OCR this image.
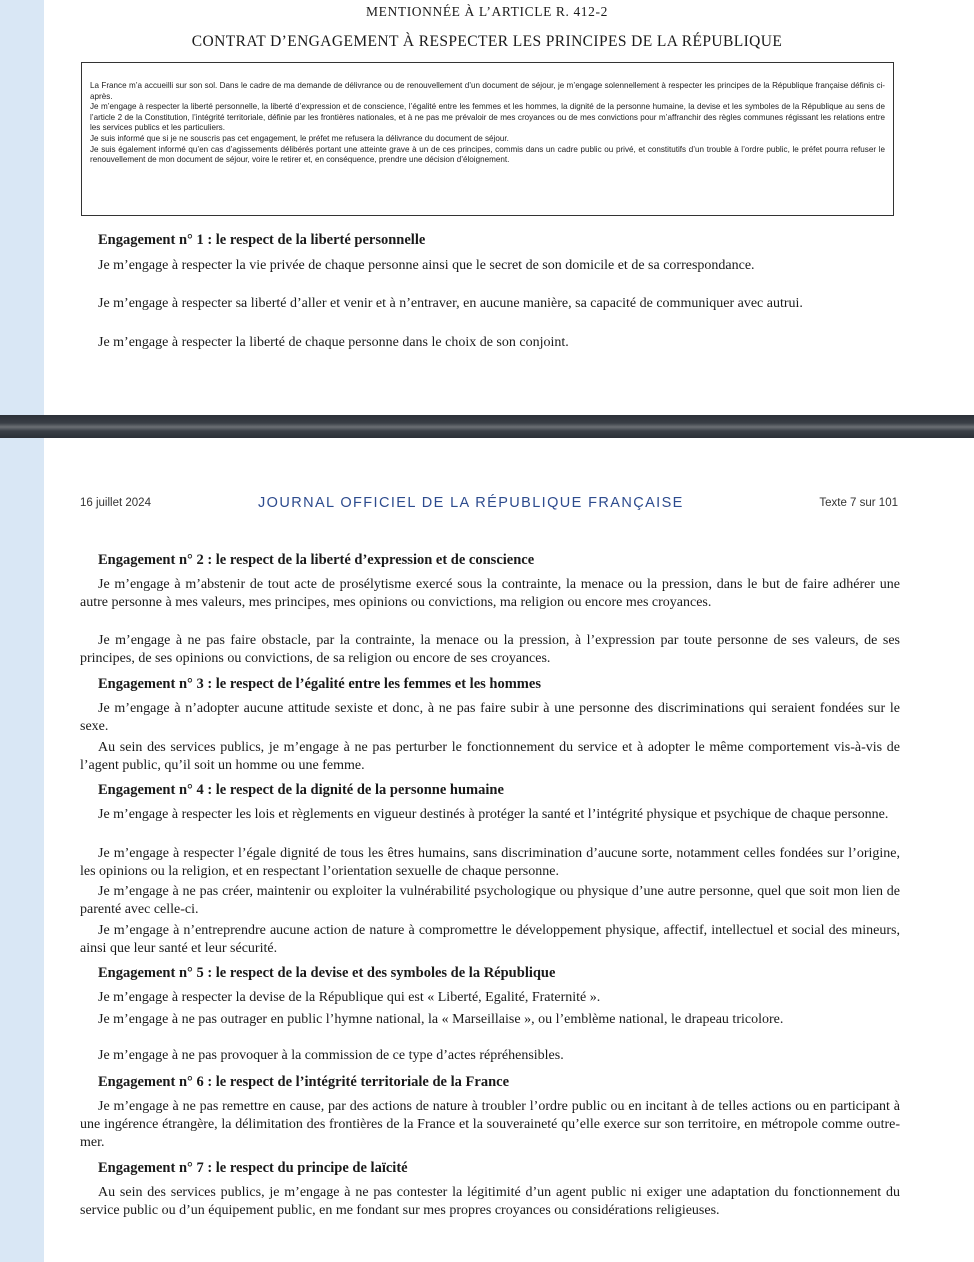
MENTIONNÉE À L’ARTICLE R. 412-2
CONTRAT D’ENGAGEMENT À RESPECTER LES PRINCIPES DE LA RÉPUBLIQUE

La France m’a accueilli sur son sol. Dans le cadre de ma demande de délivrance ou de renouvellement d’un document de séjour, je m’engage solennellement à respecter les principes de la République française définis ci-après.

Je m’engage à respecter la liberté personnelle, la liberté d’expression et de conscience, l’égalité entre les femmes et les hommes, la dignité de la personne humaine, la devise et les symboles de la République au sens de l’article 2 de la Constitution, l’intégrité territoriale, définie par les frontières nationales, et à ne pas me prévaloir de mes croyances ou de mes convictions pour m’affranchir des règles communes régissant les relations entre les services publics et les particuliers.

Je suis informé que si je ne souscris pas cet engagement, le préfet me refusera la délivrance du document de séjour.

Je suis également informé qu’en cas d’agissements délibérés portant une atteinte grave à un de ces principes, commis dans un cadre public ou privé, et constitutifs d’un trouble à l’ordre public, le préfet pourra refuser le renouvellement de mon document de séjour, voire le retirer et, en conséquence, prendre une décision d’éloignement.

Engagement n° 1 : le respect de la liberté personnelle
Je m’engage à respecter la vie privée de chaque personne ainsi que le secret de son domicile et de sa correspondance.
Je m’engage à respecter sa liberté d’aller et venir et à n’entraver, en aucune manière, sa capacité de communiquer avec autrui.
Je m’engage à respecter la liberté de chaque personne dans le choix de son conjoint.
16 juillet 2024	JOURNAL OFFICIEL DE LA RÉPUBLIQUE FRANÇAISE	Texte 7 sur 101
Engagement n° 2 : le respect de la liberté d’expression et de conscience
Je m’engage à m’abstenir de tout acte de prosélytisme exercé sous la contrainte, la menace ou la pression, dans le but de faire adhérer une autre personne à mes valeurs, mes principes, mes opinions ou convictions, ma religion ou encore mes croyances.
Je m’engage à ne pas faire obstacle, par la contrainte, la menace ou la pression, à l’expression par toute personne de ses valeurs, de ses principes, de ses opinions ou convictions, de sa religion ou encore de ses croyances.
Engagement n° 3 : le respect de l’égalité entre les femmes et les hommes
Je m’engage à n’adopter aucune attitude sexiste et donc, à ne pas faire subir à une personne des discriminations qui seraient fondées sur le sexe.
Au sein des services publics, je m’engage à ne pas perturber le fonctionnement du service et à adopter le même comportement vis-à-vis de l’agent public, qu’il soit un homme ou une femme.
Engagement n° 4 : le respect de la dignité de la personne humaine
Je m’engage à respecter les lois et règlements en vigueur destinés à protéger la santé et l’intégrité physique et psychique de chaque personne.
Je m’engage à respecter l’égale dignité de tous les êtres humains, sans discrimination d’aucune sorte, notamment celles fondées sur l’origine, les opinions ou la religion, et en respectant l’orientation sexuelle de chaque personne.
Je m’engage à ne pas créer, maintenir ou exploiter la vulnérabilité psychologique ou physique d’une autre personne, quel que soit mon lien de parenté avec celle-ci.
Je m’engage à n’entreprendre aucune action de nature à compromettre le développement physique, affectif, intellectuel et social des mineurs, ainsi que leur santé et leur sécurité.
Engagement n° 5 : le respect de la devise et des symboles de la République
Je m’engage à respecter la devise de la République qui est « Liberté, Egalité, Fraternité ».
Je m’engage à ne pas outrager en public l’hymne national, la « Marseillaise », ou l’emblème national, le drapeau tricolore.
Je m’engage à ne pas provoquer à la commission de ce type d’actes répréhensibles.
Engagement n° 6 : le respect de l’intégrité territoriale de la France
Je m’engage à ne pas remettre en cause, par des actions de nature à troubler l’ordre public ou en incitant à de telles actions ou en participant à une ingérence étrangère, la délimitation des frontières de la France et la souveraineté qu’elle exerce sur son territoire, en métropole comme outre-mer.
Engagement n° 7 : le respect du principe de laïcité
Au sein des services publics, je m’engage à ne pas contester la légitimité d’un agent public ni exiger une adaptation du fonctionnement du service public ou d’un équipement public, en me fondant sur mes propres croyances ou considérations religieuses.
